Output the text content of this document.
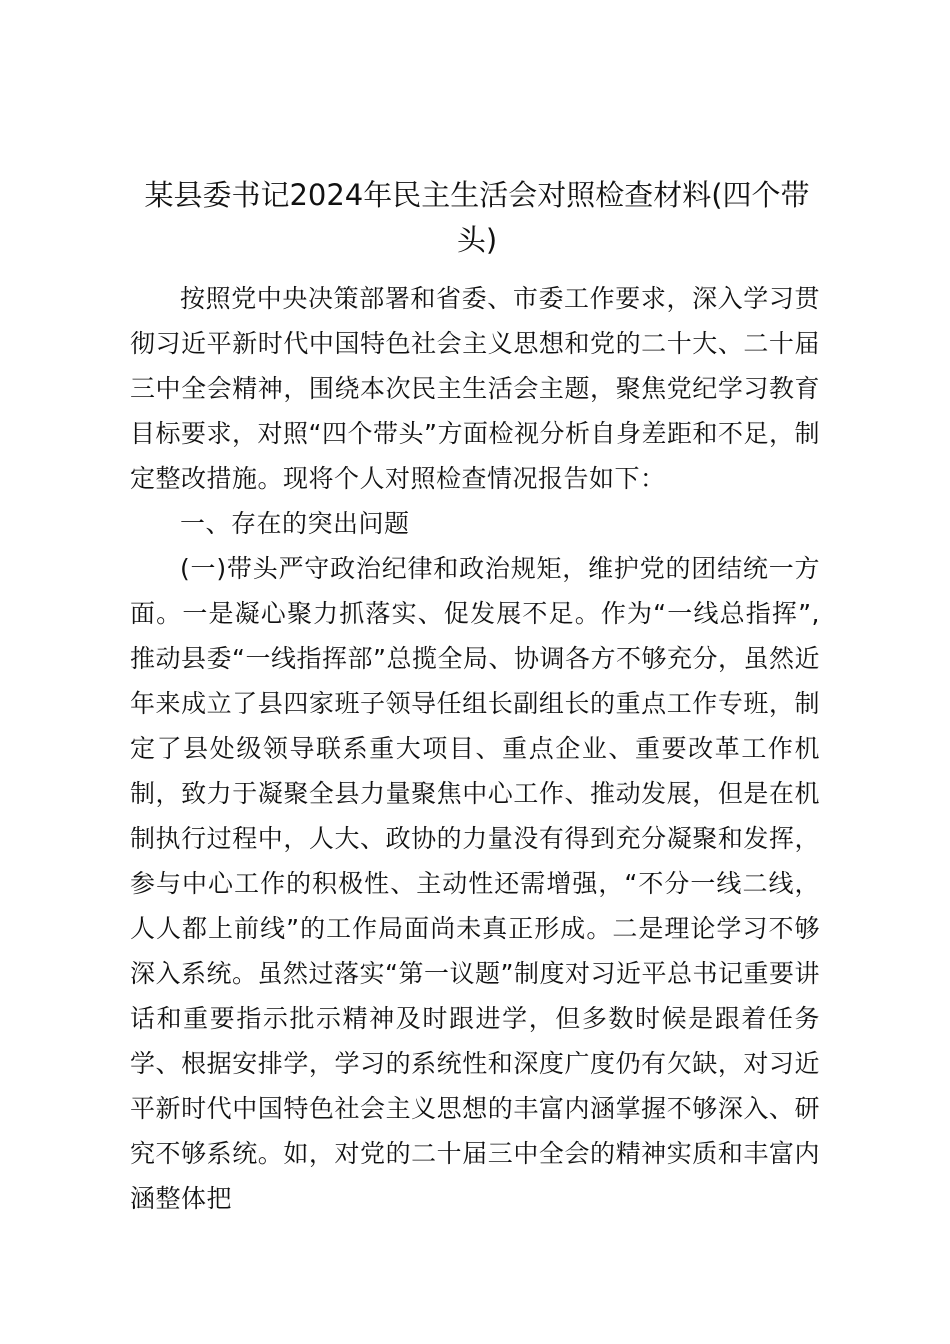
某县委书记2024年民主生活会对照检查材料(四个带头)

按照党中央决策部署和省委、市委工作要求，深入学习贯彻习近平新时代中国特色社会主义思想和党的二十大、二十届三中全会精神，围绕本次民主生活会主题，聚焦党纪学习教育目标要求，对照“四个带头”方面检视分析自身差距和不足，制定整改措施。现将个人对照检查情况报告如下：

一、存在的突出问题

(一)带头严守政治纪律和政治规矩，维护党的团结统一方面。一是凝心聚力抓落实、促发展不足。作为“一线总指挥”,推动县委“一线指挥部”总揽全局、协调各方不够充分，虽然近年来成立了县四家班子领导任组长副组长的重点工作专班，制定了县处级领导联系重大项目、重点企业、重要改革工作机制，致力于凝聚全县力量聚焦中心工作、推动发展，但是在机制执行过程中，人大、政协的力量没有得到充分凝聚和发挥，参与中心工作的积极性、主动性还需增强，“不分一线二线，人人都上前线”的工作局面尚未真正形成。二是理论学习不够深入系统。虽然过落实“第一议题”制度对习近平总书记重要讲话和重要指示批示精神及时跟进学，但多数时候是跟着任务学、根据安排学，学习的系统性和深度广度仍有欠缺，对习近平新时代中国特色社会主义思想的丰富内涵掌握不够深入、研究不够系统。如，对党的二十届三中全会的精神实质和丰富内涵整体把
